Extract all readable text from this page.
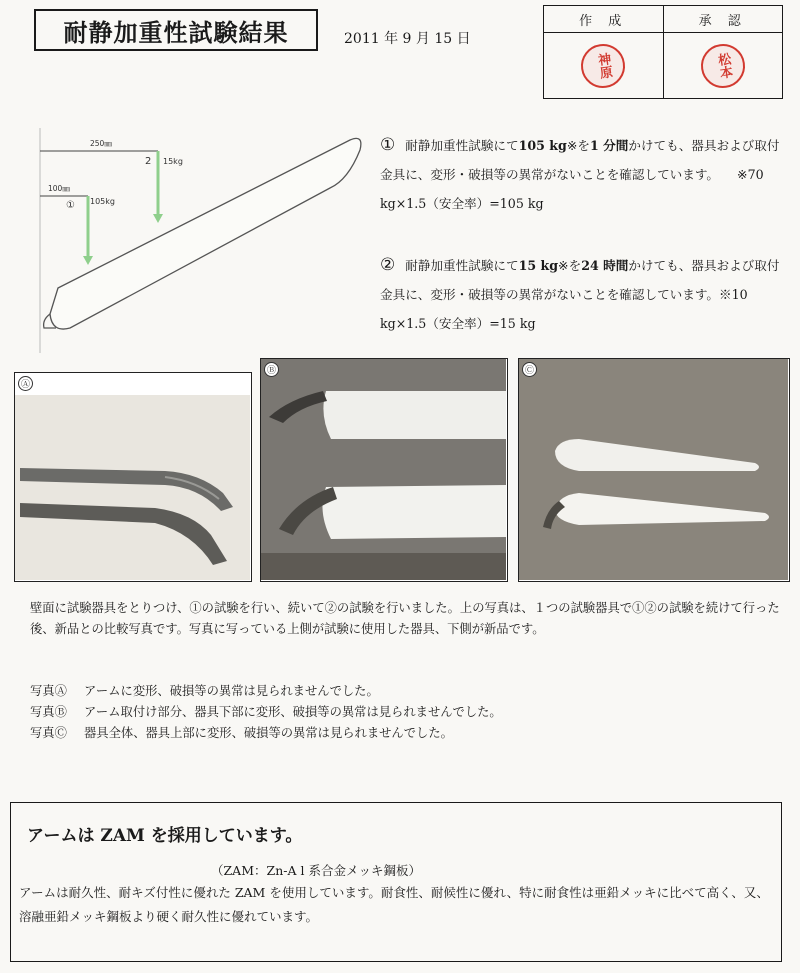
耐静加重性試験結果	2011 年 9 月 15 日
作 成
神原
承 認
松本
250㎜
100㎜
2 15kg
① 105kg
① 耐静加重性試験にて105 kg※を1 分間かけても、器具および取付金具に、変形・破損等の異常がないことを確認しています。 ※70 kg×1.5（安全率）=105 kg
② 耐静加重性試験にて15 kg※を24 時間かけても、器具および取付金具に、変形・破損等の異常がないことを確認しています。※10 kg×1.5（安全率）=15 kg
Ⓐ
Ⓑ	Ⓒ

壁面に試験器具をとりつけ、①の試験を行い、続いて②の試験を行いました。上の写真は、１つの試験器具で①②の試験を続けて行った後、新品との比較写真です。写真に写っている上側が試験に使用した器具、下側が新品です。

写真Ⓐ	アームに変形、破損等の異常は見られませんでした。
写真Ⓑ	アーム取付け部分、器具下部に変形、破損等の異常は見られませんでした。
写真Ⓒ	器具全体、器具上部に変形、破損等の異常は見られませんでした。
アームは ZAM を採用しています。
（ZAM：Zn-A l 系合金メッキ鋼板）
アームは耐久性、耐キズ付性に優れた ZAM を使用しています。耐食性、耐候性に優れ、特に耐食性は亜鉛メッキに比べて高く、又、溶融亜鉛メッキ鋼板より硬く耐久性に優れています。
